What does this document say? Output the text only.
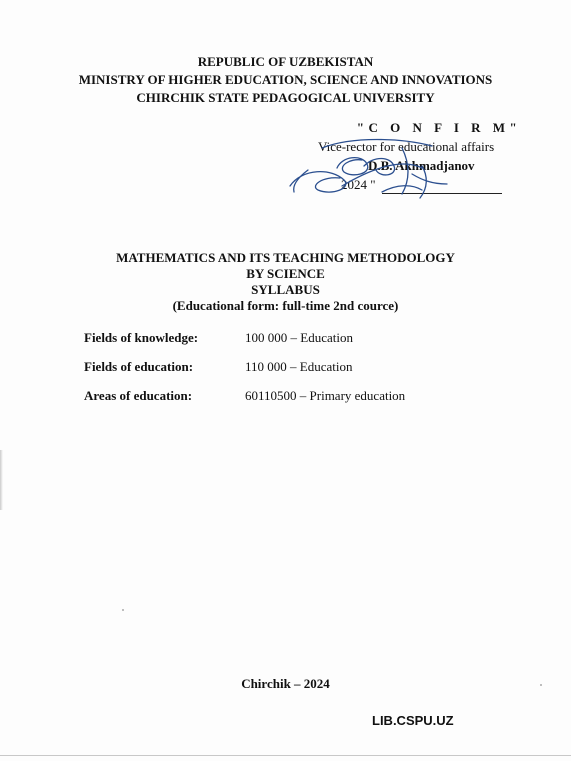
REPUBLIC OF UZBEKISTAN
MINISTRY OF HIGHER EDUCATION, SCIENCE AND INNOVATIONS
CHIRCHIK STATE PEDAGOGICAL UNIVERSITY
"C O N F I R M"
Vice-rector for educational affairs
D.B. Akhmadjanov
2024 "
MATHEMATICS AND ITS TEACHING METHODOLOGY
BY SCIENCE
SYLLABUS
(Educational form: full-time 2nd cource)
Fields of knowledge:	100 000 – Education
Fields of education:	110 000 – Education
Areas of education:	60110500 – Primary education
Chirchik – 2024
LIB.CSPU.UZ
